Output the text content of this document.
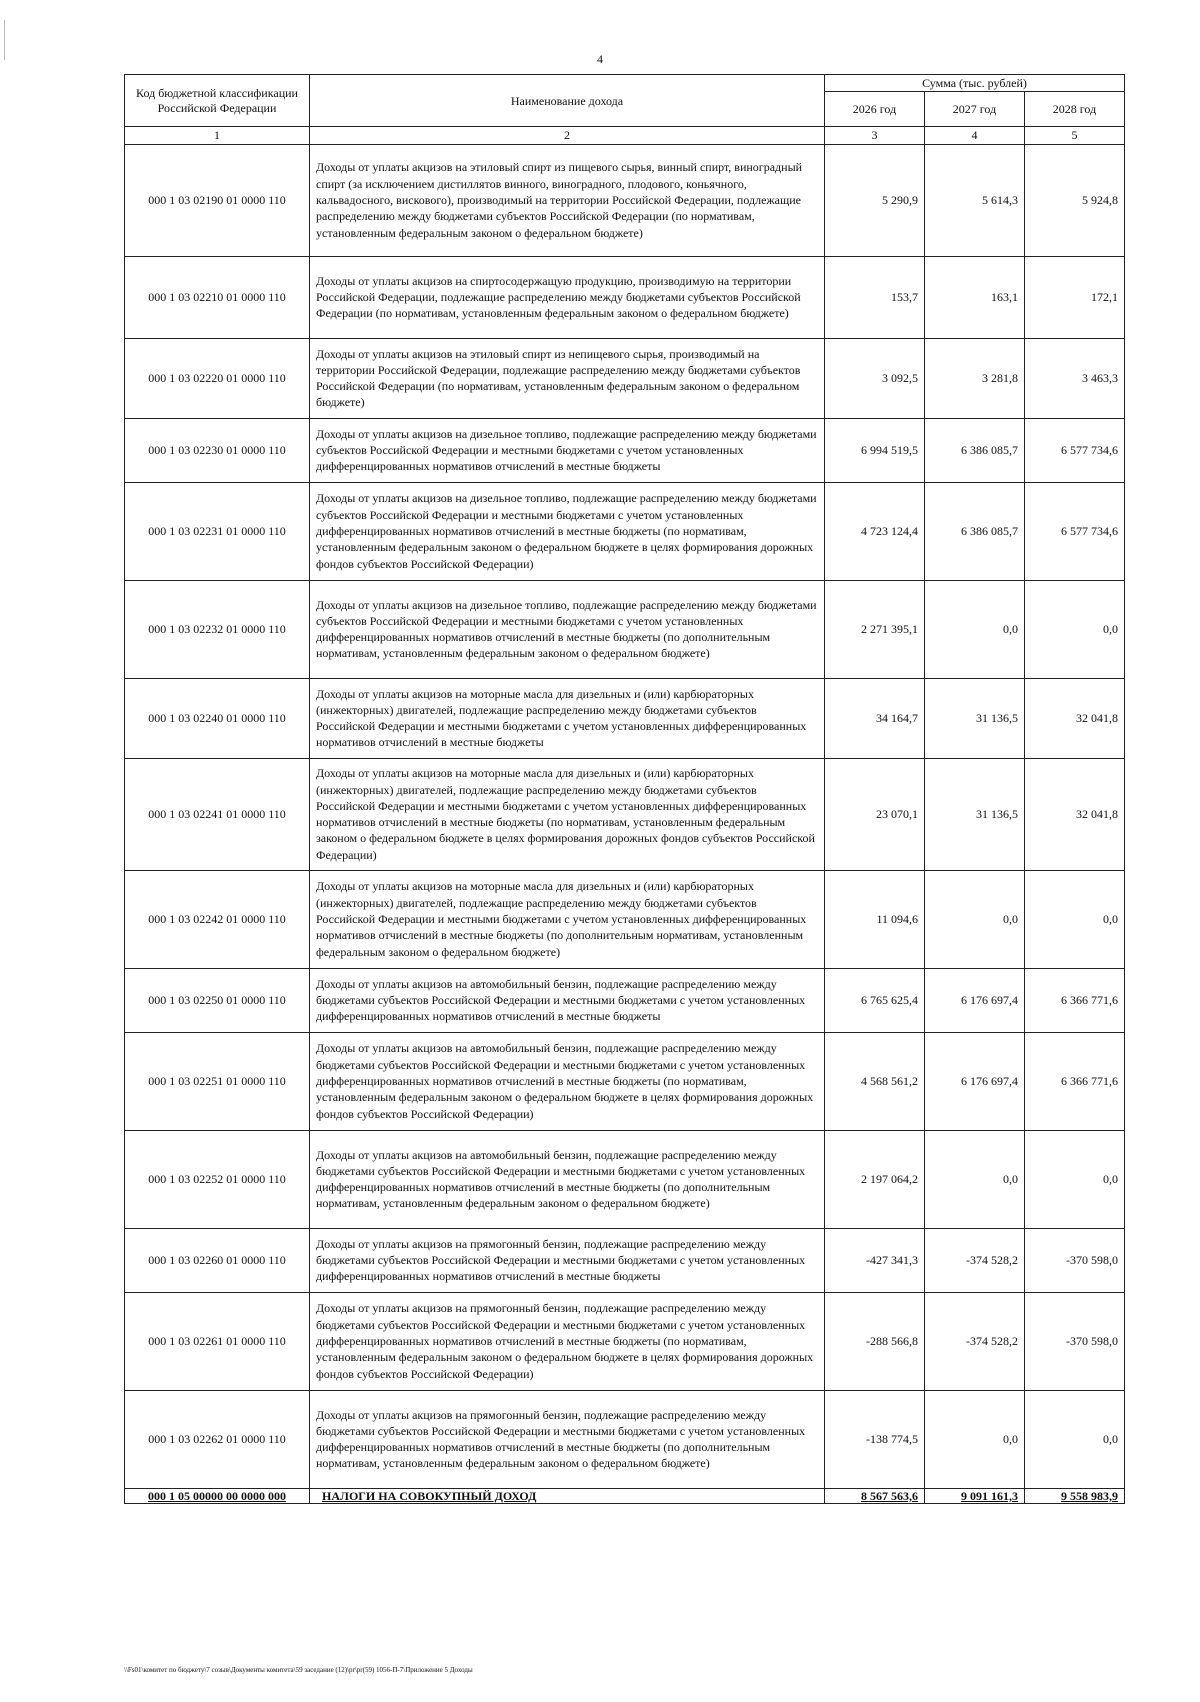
4
Код бюджетной классификации Российской Федерации	Наименование дохода	Сумма (тыс. рублей)		
		2026 год	2027 год	2028 год
1	2	3	4	5
000 1 03 02190 01 0000 110	Доходы от уплаты акцизов на этиловый спирт из пищевого сырья, винный спирт, виноградный спирт (за исключением дистиллятов винного, виноградного, плодового, коньячного, кальвадосного, вискового), производимый на территории Российской Федерации, подлежащие распределению между бюджетами субъектов Российской Федерации (по нормативам, установленным федеральным законом о федеральном бюджете)	5 290,9	5 614,3	5 924,8
000 1 03 02210 01 0000 110	Доходы от уплаты акцизов на спиртосодержащую продукцию, производимую на территории Российской Федерации, подлежащие распределению между бюджетами субъектов Российской Федерации (по нормативам, установленным федеральным законом о федеральном бюджете)	153,7	163,1	172,1
000 1 03 02220 01 0000 110	Доходы от уплаты акцизов на этиловый спирт из непищевого сырья, производимый на территории Российской Федерации, подлежащие распределению между бюджетами субъектов Российской Федерации (по нормативам, установленным федеральным законом о федеральном бюджете)	3 092,5	3 281,8	3 463,3
000 1 03 02230 01 0000 110	Доходы от уплаты акцизов на дизельное топливо, подлежащие распределению между бюджетами субъектов Российской Федерации и местными бюджетами с учетом установленных дифференцированных нормативов отчислений в местные бюджеты	6 994 519,5	6 386 085,7	6 577 734,6
000 1 03 02231 01 0000 110	Доходы от уплаты акцизов на дизельное топливо, подлежащие распределению между бюджетами субъектов Российской Федерации и местными бюджетами с учетом установленных дифференцированных нормативов отчислений в местные бюджеты (по нормативам, установленным федеральным законом о федеральном бюджете в целях формирования дорожных фондов субъектов Российской Федерации)	4 723 124,4	6 386 085,7	6 577 734,6
000 1 03 02232 01 0000 110	Доходы от уплаты акцизов на дизельное топливо, подлежащие распределению между бюджетами субъектов Российской Федерации и местными бюджетами с учетом установленных дифференцированных нормативов отчислений в местные бюджеты (по дополнительным нормативам, установленным федеральным законом о федеральном бюджете)	2 271 395,1	0,0	0,0
000 1 03 02240 01 0000 110	Доходы от уплаты акцизов на моторные масла для дизельных и (или) карбюраторных (инжекторных) двигателей, подлежащие распределению между бюджетами субъектов Российской Федерации и местными бюджетами с учетом установленных дифференцированных нормативов отчислений в местные бюджеты	34 164,7	31 136,5	32 041,8
000 1 03 02241 01 0000 110	Доходы от уплаты акцизов на моторные масла для дизельных и (или) карбюраторных (инжекторных) двигателей, подлежащие распределению между бюджетами субъектов Российской Федерации и местными бюджетами с учетом установленных дифференцированных нормативов отчислений в местные бюджеты (по нормативам, установленным федеральным законом о федеральном бюджете в целях формирования дорожных фондов субъектов Российской Федерации)	23 070,1	31 136,5	32 041,8
000 1 03 02242 01 0000 110	Доходы от уплаты акцизов на моторные масла для дизельных и (или) карбюраторных (инжекторных) двигателей, подлежащие распределению между бюджетами субъектов Российской Федерации и местными бюджетами с учетом установленных дифференцированных нормативов отчислений в местные бюджеты (по дополнительным нормативам, установленным федеральным законом о федеральном бюджете)	11 094,6	0,0	0,0
000 1 03 02250 01 0000 110	Доходы от уплаты акцизов на автомобильный бензин, подлежащие распределению между бюджетами субъектов Российской Федерации и местными бюджетами с учетом установленных дифференцированных нормативов отчислений в местные бюджеты	6 765 625,4	6 176 697,4	6 366 771,6
000 1 03 02251 01 0000 110	Доходы от уплаты акцизов на автомобильный бензин, подлежащие распределению между бюджетами субъектов Российской Федерации и местными бюджетами с учетом установленных дифференцированных нормативов отчислений в местные бюджеты (по нормативам, установленным федеральным законом о федеральном бюджете в целях формирования дорожных фондов субъектов Российской Федерации)	4 568 561,2	6 176 697,4	6 366 771,6
000 1 03 02252 01 0000 110	Доходы от уплаты акцизов на автомобильный бензин, подлежащие распределению между бюджетами субъектов Российской Федерации и местными бюджетами с учетом установленных дифференцированных нормативов отчислений в местные бюджеты (по дополнительным нормативам, установленным федеральным законом о федеральном бюджете)	2 197 064,2	0,0	0,0
000 1 03 02260 01 0000 110	Доходы от уплаты акцизов на прямогонный бензин, подлежащие распределению между бюджетами субъектов Российской Федерации и местными бюджетами с учетом установленных дифференцированных нормативов отчислений в местные бюджеты	-427 341,3	-374 528,2	-370 598,0
000 1 03 02261 01 0000 110	Доходы от уплаты акцизов на прямогонный бензин, подлежащие распределению между бюджетами субъектов Российской Федерации и местными бюджетами с учетом установленных дифференцированных нормативов отчислений в местные бюджеты (по нормативам, установленным федеральным законом о федеральном бюджете в целях формирования дорожных фондов субъектов Российской Федерации)	-288 566,8	-374 528,2	-370 598,0
000 1 03 02262 01 0000 110	Доходы от уплаты акцизов на прямогонный бензин, подлежащие распределению между бюджетами субъектов Российской Федерации и местными бюджетами с учетом установленных дифференцированных нормативов отчислений в местные бюджеты (по дополнительным нормативам, установленным федеральным законом о федеральном бюджете)	-138 774,5	0,0	0,0
000 1 05 00000 00 0000 000	НАЛОГИ НА СОВОКУПНЫЙ ДОХОД	8 567 563,6	9 091 161,3	9 558 983,9
\\Fs01\комитет по бюджету\7 созыв\Документы комитета\59 заседание (12)\pr\pr(59) 1056-П-7\Приложение 5 Доходы
